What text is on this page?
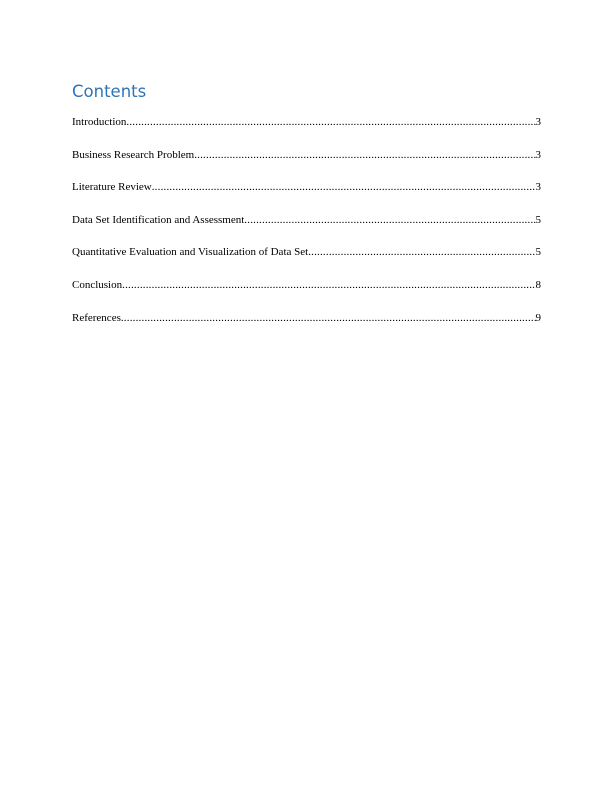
Contents
Introduction .....	3
Business Research Problem .....	3
Literature Review .....	3
Data Set Identification and Assessment .....	5
Quantitative Evaluation and Visualization of Data Set .....	5
Conclusion .....	8
References .....	9
